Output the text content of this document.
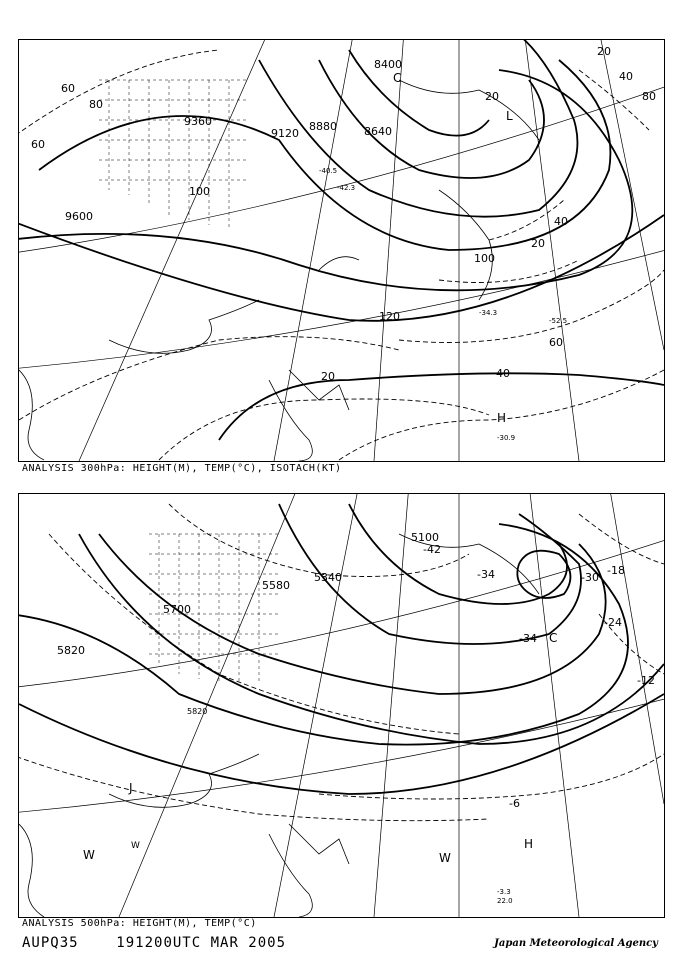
9360
9120
8880 8640
8400
9600
60
80
60
40
20
20
20	40
60
80
100
100
120
40
20
L
C
H
-40.5
-42.3
-34.3
-30.9
-52.5
ANALYSIS 300hPa: HEIGHT(M), TEMP(°C), ISOTACH(KT)
5580
5340
5100
5700
5820
5820
-42
-34	-30
-34
-18
-12
-24
-6
-3.3
22.0
C
J
W	W
W	H
ANALYSIS 500hPa: HEIGHT(M), TEMP(°C)
AUPQ35	191200UTC MAR 2005	Japan Meteorological Agency
